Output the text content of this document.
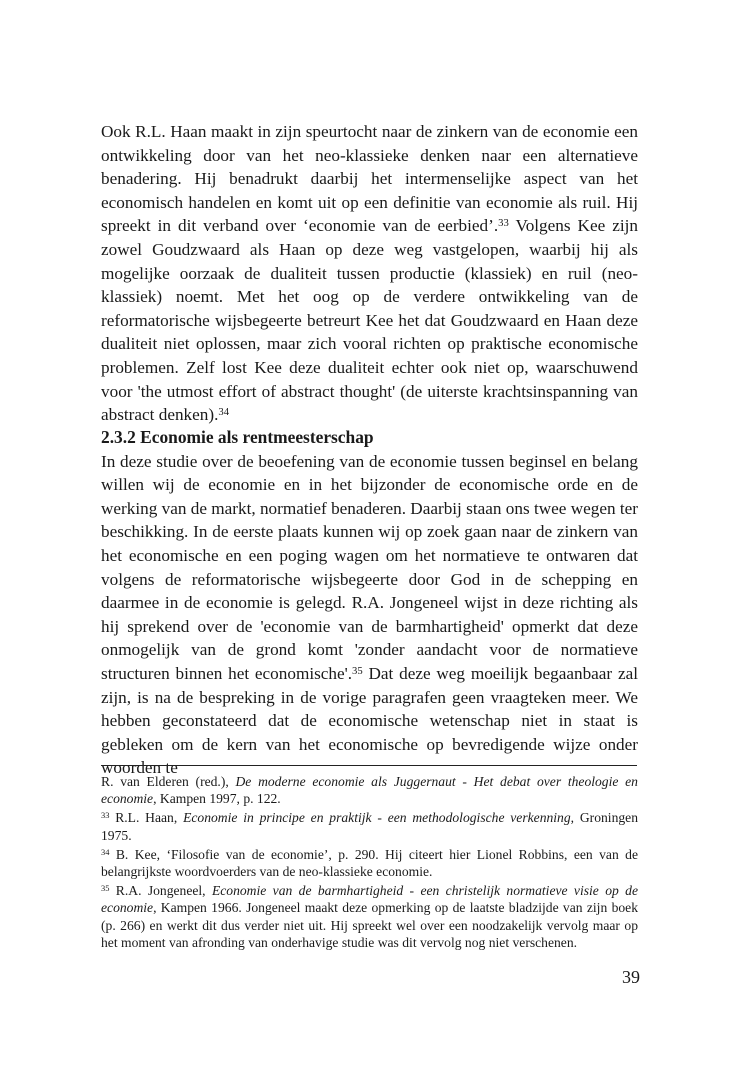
Ook R.L. Haan maakt in zijn speurtocht naar de zinkern van de economie een ontwikkeling door van het neo-klassieke denken naar een alternatieve benadering. Hij benadrukt daarbij het intermenselijke aspect van het economisch handelen en komt uit op een definitie van economie als ruil. Hij spreekt in dit verband over ‘economie van de eerbied’.$^{33}$ Volgens Kee zijn zowel Goudzwaard als Haan op deze weg vastgelopen, waarbij hij als mogelijke oorzaak de dualiteit tussen productie (klassiek) en ruil (neo-klassiek) noemt. Met het oog op de verdere ontwikkeling van de reformatorische wijsbegeerte betreurt Kee het dat Goudzwaard en Haan deze dualiteit niet oplossen, maar zich vooral richten op praktische economische problemen. Zelf lost Kee deze dualiteit echter ook niet op, waarschuwend voor 'the utmost effort of abstract thought' (de uiterste krachtsinspanning van abstract denken).$^{34}$

2.3.2 Economie als rentmeesterschap

In deze studie over de beoefening van de economie tussen beginsel en belang willen wij de economie en in het bijzonder de economische orde en de werking van de markt, normatief benaderen. Daarbij staan ons twee wegen ter beschikking. In de eerste plaats kunnen wij op zoek gaan naar de zinkern van het economische en een poging wagen om het normatieve te ontwaren dat volgens de reformatorische wijsbegeerte door God in de schepping en daarmee in de economie is gelegd. R.A. Jongeneel wijst in deze richting als hij sprekend over de 'economie van de barmhartigheid' opmerkt dat deze onmogelijk van de grond komt 'zonder aandacht voor de normatieve structuren binnen het economische'.$^{35}$ Dat deze weg moeilijk begaanbaar zal zijn, is na de bespreking in de vorige paragrafen geen vraagteken meer. We hebben geconstateerd dat de economische wetenschap niet in staat is gebleken om de kern van het economische op bevredigende wijze onder woorden te

R. van Elderen (red.), De moderne economie als Juggernaut - Het debat over theologie en economie, Kampen 1997, p. 122.

$^{33}$ R.L. Haan, Economie in principe en praktijk - een methodologische verkenning, Groningen 1975.

$^{34}$ B. Kee, ‘Filosofie van de economie’, p. 290. Hij citeert hier Lionel Robbins, een van de belangrijkste woordvoerders van de neo-klassieke economie.

$^{35}$ R.A. Jongeneel, Economie van de barmhartigheid - een christelijk normatieve visie op de economie, Kampen 1966. Jongeneel maakt deze opmerking op de laatste bladzijde van zijn boek (p. 266) en werkt dit dus verder niet uit. Hij spreekt wel over een noodzakelijk vervolg maar op het moment van afronding van onderhavige studie was dit vervolg nog niet verschenen.

39
